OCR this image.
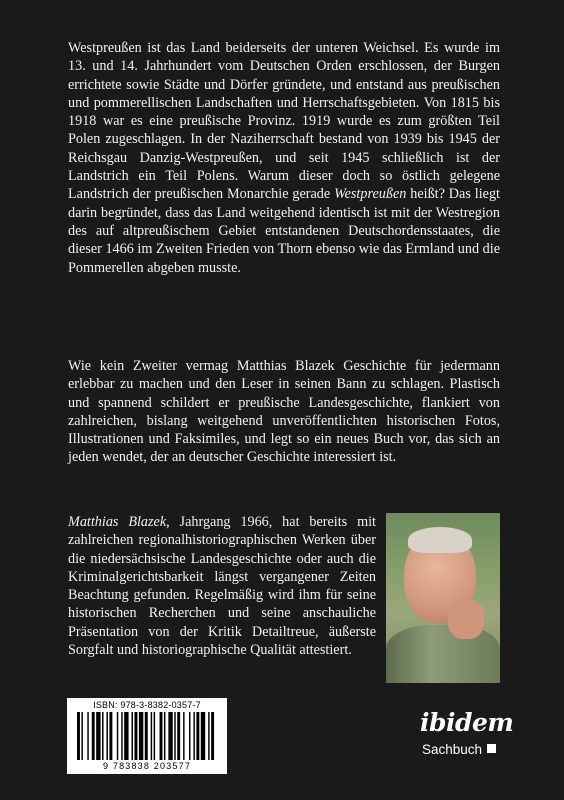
Westpreußen ist das Land beiderseits der unteren Weichsel. Es wurde im 13. und 14. Jahrhundert vom Deutschen Orden erschlossen, der Burgen errichtete sowie Städte und Dörfer gründete, und entstand aus preußischen und pommerellischen Landschaften und Herrschaftsgebieten. Von 1815 bis 1918 war es eine preußische Provinz. 1919 wurde es zum größten Teil Polen zugeschlagen. In der Naziherrschaft bestand von 1939 bis 1945 der Reichsgau Danzig-Westpreußen, und seit 1945 schließlich ist der Landstrich ein Teil Polens. Warum dieser doch so östlich gelegene Landstrich der preußischen Monarchie gerade Westpreußen heißt? Das liegt darin begründet, dass das Land weitgehend identisch ist mit der Westregion des auf altpreußischem Gebiet entstandenen Deutschordensstaates, die dieser 1466 im Zweiten Frieden von Thorn ebenso wie das Ermland und die Pommerellen abgeben musste.

Wie kein Zweiter vermag Matthias Blazek Geschichte für jedermann erlebbar zu machen und den Leser in seinen Bann zu schlagen. Plastisch und spannend schildert er preußische Landesgeschichte, flankiert von zahlreichen, bislang weitgehend unveröffentlichten historischen Fotos, Illustrationen und Faksimiles, und legt so ein neues Buch vor, das sich an jeden wendet, der an deutscher Geschichte interessiert ist.

Matthias Blazek, Jahrgang 1966, hat bereits mit zahlreichen regionalhistoriographischen Werken über die niedersächsische Landesgeschichte oder auch die Kriminalgerichtsbarkeit längst vergangener Zeiten Beachtung gefunden. Regelmäßig wird ihm für seine historischen Recherchen und seine anschauliche Präsentation von der Kritik Detailtreue, äußerste Sorgfalt und historiographische Qualität attestiert.

ISBN: 978-3-8382-0357-7
9 783838 203577
ibidem
Sachbuch
